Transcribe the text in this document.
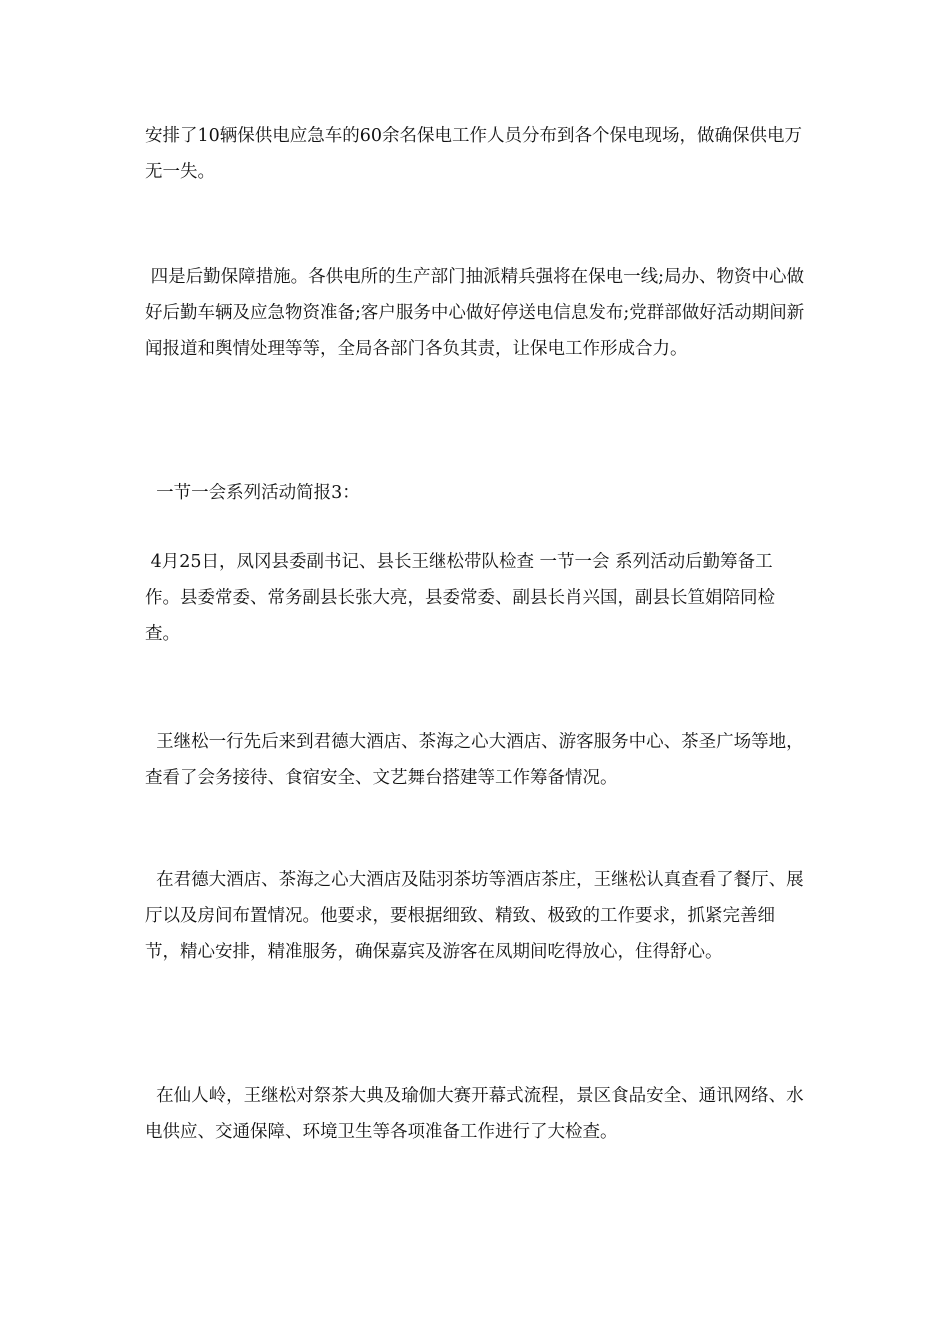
安排了10辆保供电应急车的60余名保电工作人员分布到各个保电现场，做确保供电万无一失。

四是后勤保障措施。各供电所的生产部门抽派精兵强将在保电一线;局办、物资中心做好后勤车辆及应急物资准备;客户服务中心做好停送电信息发布;党群部做好活动期间新闻报道和舆情处理等等，全局各部门各负其责，让保电工作形成合力。

一节一会系列活动简报3：

4月25日，凤冈县委副书记、县长王继松带队检查 一节一会 系列活动后勤筹备工作。县委常委、常务副县长张大亮，县委常委、副县长肖兴国，副县长笪娟陪同检查。

王继松一行先后来到君德大酒店、茶海之心大酒店、游客服务中心、茶圣广场等地，查看了会务接待、食宿安全、文艺舞台搭建等工作筹备情况。

在君德大酒店、茶海之心大酒店及陆羽茶坊等酒店茶庄，王继松认真查看了餐厅、展厅以及房间布置情况。他要求，要根据细致、精致、极致的工作要求，抓紧完善细节，精心安排，精准服务，确保嘉宾及游客在凤期间吃得放心，住得舒心。

在仙人岭，王继松对祭茶大典及瑜伽大赛开幕式流程，景区食品安全、通讯网络、水电供应、交通保障、环境卫生等各项准备工作进行了大检查。
